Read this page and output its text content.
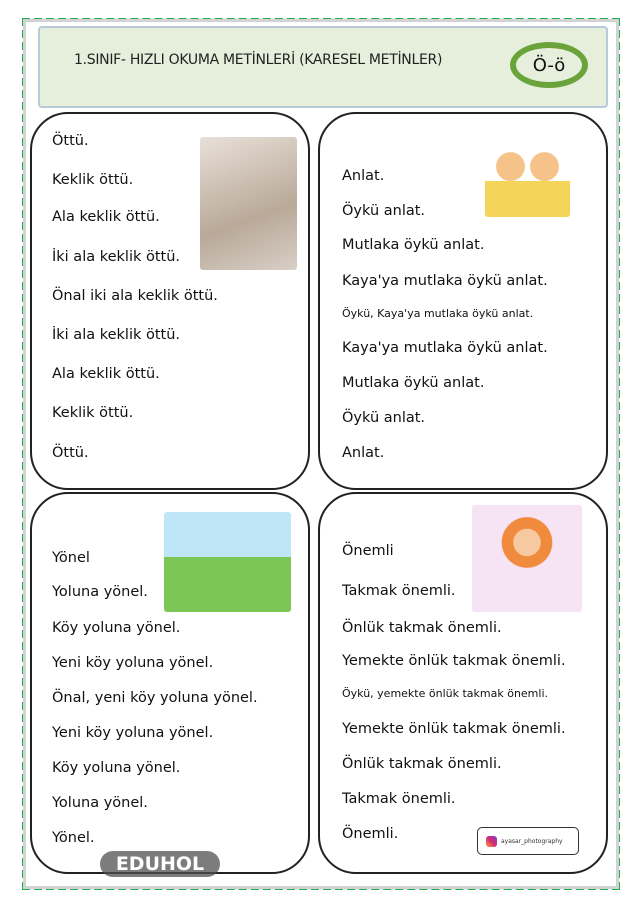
1.SINIF- HIZLI OKUMA METİNLERİ (KARESEL METİNLER)	Ö-ö
Öttü.
Keklik öttü.
Ala keklik öttü.
İki ala keklik öttü.
Önal iki ala keklik öttü.
İki ala keklik öttü.
Ala keklik öttü.
Keklik öttü.
Öttü.
Anlat.
Öykü anlat.
Mutlaka öykü anlat.
Kaya'ya mutlaka öykü anlat.
Öykü, Kaya'ya mutlaka öykü anlat.
Kaya'ya mutlaka öykü anlat.
Mutlaka öykü anlat.
Öykü anlat.
Anlat.
Yönel
Yoluna yönel.
Köy yoluna yönel.
Yeni köy yoluna yönel.
Önal, yeni köy yoluna yönel.
Yeni köy yoluna yönel.
Köy yoluna yönel.
Yoluna yönel.
Yönel.
Önemli
Takmak önemli.
Önlük takmak önemli.
Yemekte önlük takmak önemli.
Öykü, yemekte önlük takmak önemli.
Yemekte önlük takmak önemli.
Önlük takmak önemli.
Takmak önemli.
Önemli.	ayasar_photography
EDUHOL
